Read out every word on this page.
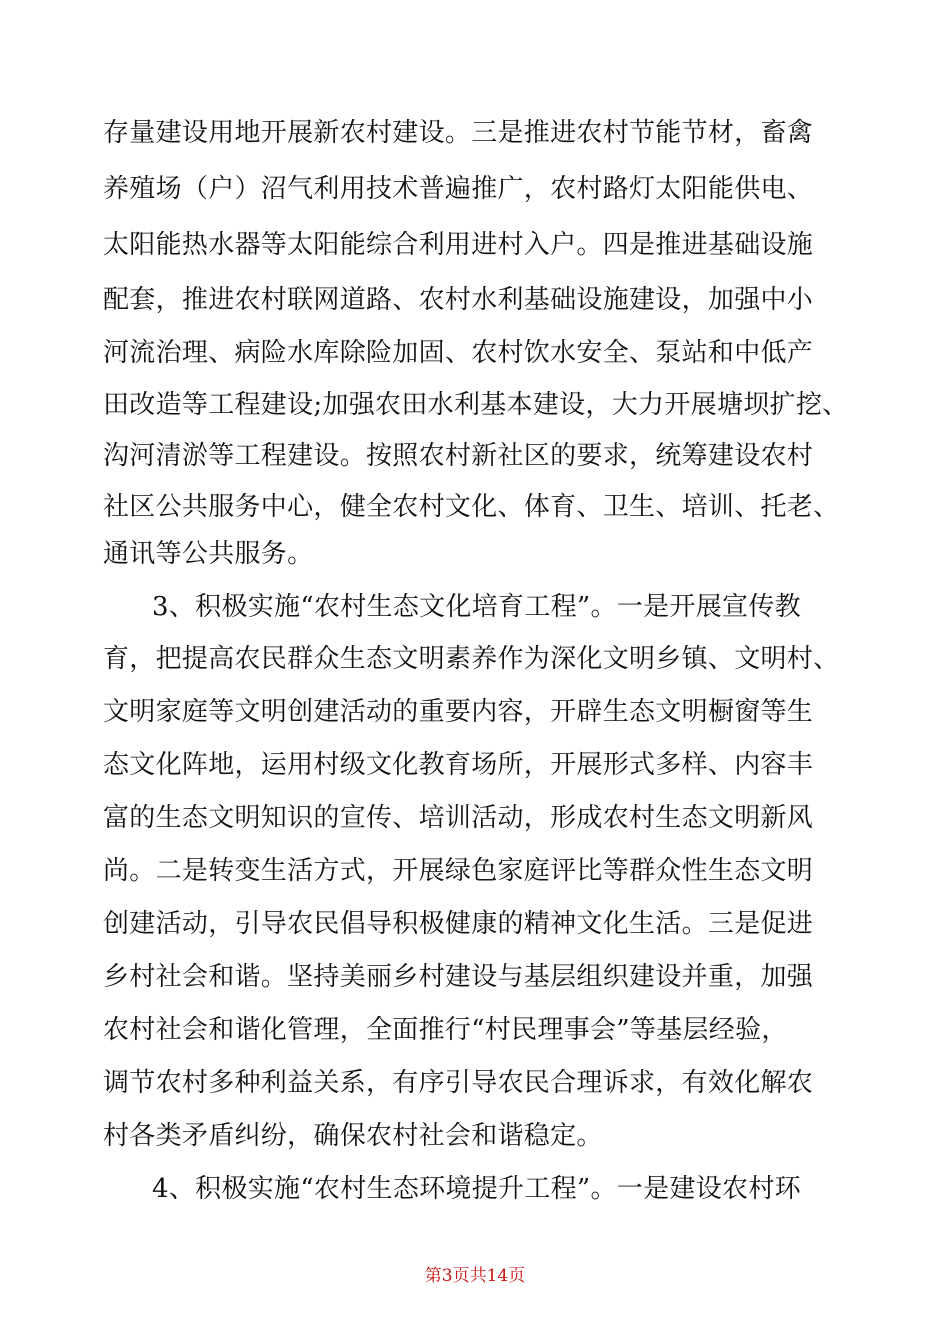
存量建设用地开展新农村建设。三是推进农村节能节材，畜禽
养殖场（户）沼气利用技术普遍推广，农村路灯太阳能供电、
太阳能热水器等太阳能综合利用进村入户。四是推进基础设施
配套，推进农村联网道路、农村水利基础设施建设，加强中小
河流治理、病险水库除险加固、农村饮水安全、泵站和中低产
田改造等工程建设;加强农田水利基本建设，大力开展塘坝扩挖、
沟河清淤等工程建设。按照农村新社区的要求，统筹建设农村
社区公共服务中心，健全农村文化、体育、卫生、培训、托老、
通讯等公共服务。
3、积极实施“农村生态文化培育工程”。一是开展宣传教
育，把提高农民群众生态文明素养作为深化文明乡镇、文明村、
文明家庭等文明创建活动的重要内容，开辟生态文明橱窗等生
态文化阵地，运用村级文化教育场所，开展形式多样、内容丰
富的生态文明知识的宣传、培训活动，形成农村生态文明新风
尚。二是转变生活方式，开展绿色家庭评比等群众性生态文明
创建活动，引导农民倡导积极健康的精神文化生活。三是促进
乡村社会和谐。坚持美丽乡村建设与基层组织建设并重，加强
农村社会和谐化管理，全面推行“村民理事会”等基层经验，
调节农村多种利益关系，有序引导农民合理诉求，有效化解农
村各类矛盾纠纷，确保农村社会和谐稳定。
4、积极实施“农村生态环境提升工程”。一是建设农村环
第3页共14页
